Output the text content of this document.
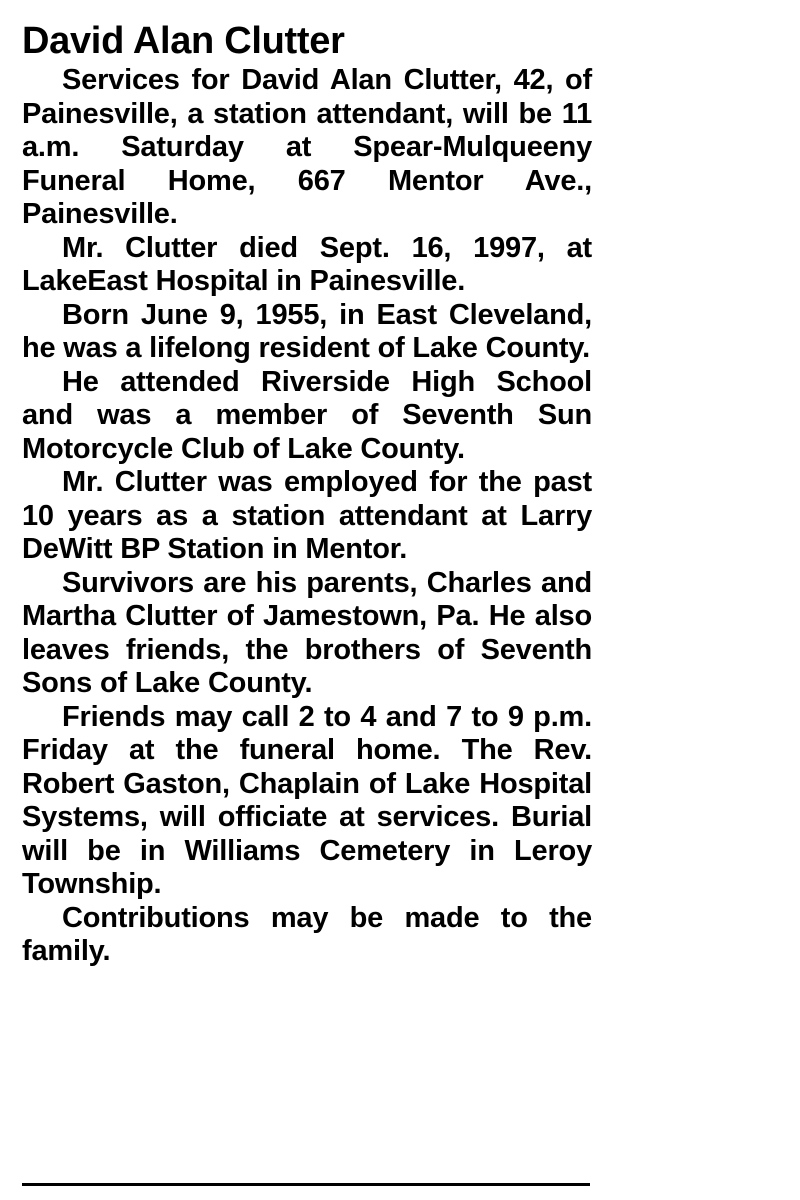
David Alan Clutter

Services for David Alan Clutter, 42, of Painesville, a station attendant, will be 11 a.m. Saturday at Spear-Mulqueeny Funeral Home, 667 Mentor Ave., Painesville.

Mr. Clutter died Sept. 16, 1997, at LakeEast Hospital in Painesville.

Born June 9, 1955, in East Cleveland, he was a lifelong resident of Lake County.

He attended Riverside High School and was a member of Seventh Sun Motorcycle Club of Lake County.

Mr. Clutter was employed for the past 10 years as a station attendant at Larry DeWitt BP Station in Mentor.

Survivors are his parents, Charles and Martha Clutter of Jamestown, Pa. He also leaves friends, the brothers of Seventh Sons of Lake County.

Friends may call 2 to 4 and 7 to 9 p.m. Friday at the funeral home. The Rev. Robert Gaston, Chaplain of Lake Hospital Systems, will officiate at services. Burial will be in Williams Cemetery in Leroy Township.

Contributions may be made to the family.
